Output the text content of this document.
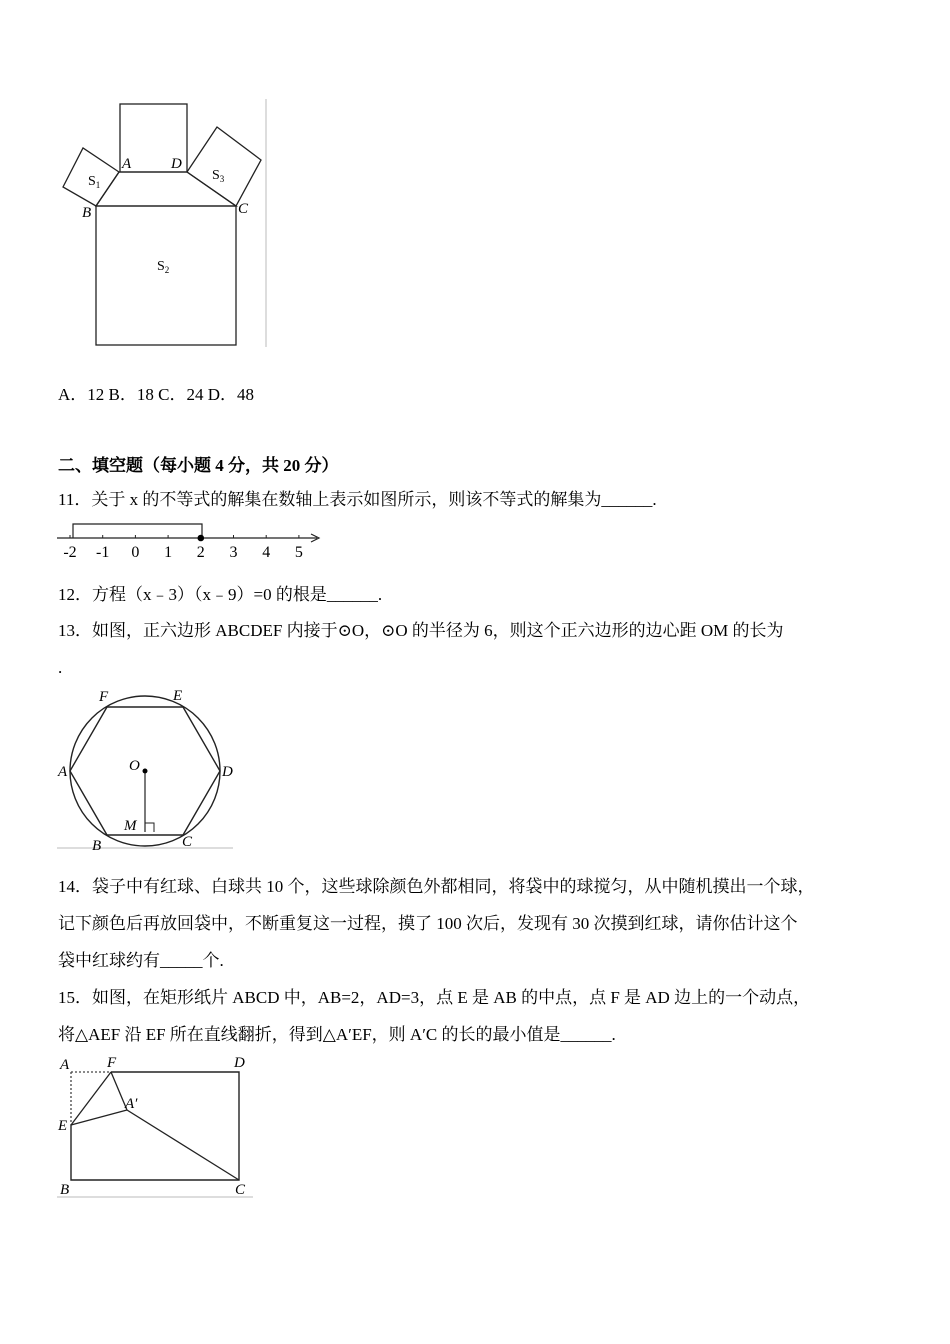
A	D
B	C
$S_1$
$S_2$
$S_3$
A．12 B．18 C．24 D．48
二、填空题（每小题 4 分，共 20 分）
11．关于 x 的不等式的解集在数轴上表示如图所示，则该不等式的解集为______.
-2 -1 0 1 2 3 4 5
12．方程（x﹣3）（x﹣9）=0 的根是______.
13．如图，正六边形 ABCDEF 内接于⊙O，⊙O 的半径为 6，则这个正六边形的边心距 OM 的长为
.
F	E
A	D
O
M
B	C
14．袋子中有红球、白球共 10 个，这些球除颜色外都相同，将袋中的球搅匀，从中随机摸出一个球，
记下颜色后再放回袋中，不断重复这一过程，摸了 100 次后，发现有 30 次摸到红球，请你估计这个
袋中红球约有_____个.
15．如图，在矩形纸片 ABCD 中，AB=2，AD=3，点 E 是 AB 的中点，点 F 是 AD 边上的一个动点，
将△AEF 沿 EF 所在直线翻折，得到△A′EF，则 A′C 的长的最小值是______.
A	F	D
A′
E
B	C
